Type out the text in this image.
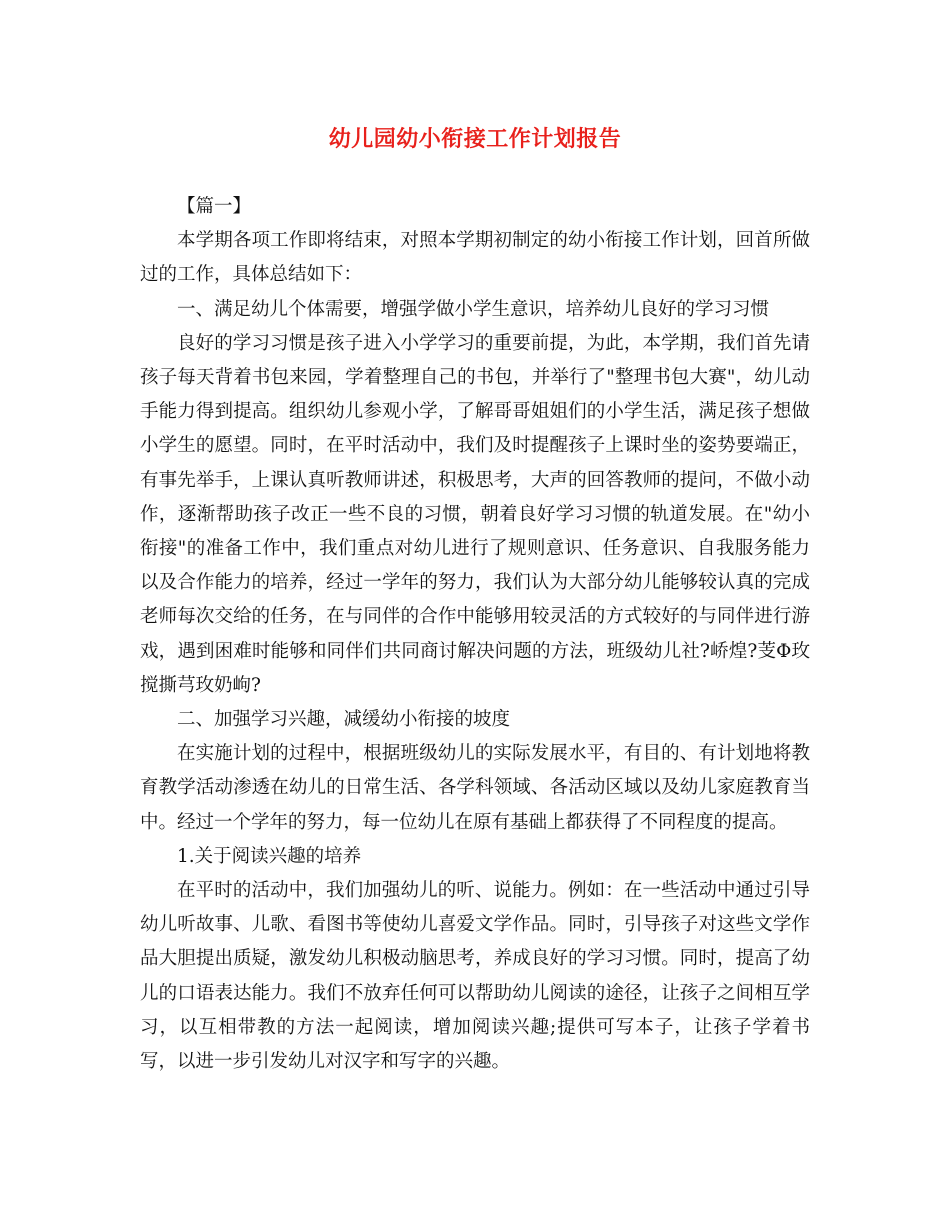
幼儿园幼小衔接工作计划报告

【篇一】

本学期各项工作即将结束，对照本学期初制定的幼小衔接工作计划，回首所做过的工作，具体总结如下：

一、满足幼儿个体需要，增强学做小学生意识，培养幼儿良好的学习习惯

良好的学习习惯是孩子进入小学学习的重要前提，为此，本学期，我们首先请孩子每天背着书包来园，学着整理自己的书包，并举行了"整理书包大赛"，幼儿动手能力得到提高。组织幼儿参观小学，了解哥哥姐姐们的小学生活，满足孩子想做小学生的愿望。同时，在平时活动中，我们及时提醒孩子上课时坐的姿势要端正，有事先举手，上课认真听教师讲述，积极思考，大声的回答教师的提问，不做小动作，逐渐帮助孩子改正一些不良的习惯，朝着良好学习习惯的轨道发展。在"幼小衔接"的准备工作中，我们重点对幼儿进行了规则意识、任务意识、自我服务能力以及合作能力的培养，经过一学年的努力，我们认为大部分幼儿能够较认真的完成老师每次交给的任务，在与同伴的合作中能够用较灵活的方式较好的与同伴进行游戏，遇到困难时能够和同伴们共同商讨解决问题的方法，班级幼儿社?峤煌?芰Φ玫搅撕芎玫奶岣?

二、加强学习兴趣，减缓幼小衔接的坡度

在实施计划的过程中，根据班级幼儿的实际发展水平，有目的、有计划地将教育教学活动渗透在幼儿的日常生活、各学科领域、各活动区域以及幼儿家庭教育当中。经过一个学年的努力，每一位幼儿在原有基础上都获得了不同程度的提高。

1.关于阅读兴趣的培养

在平时的活动中，我们加强幼儿的听、说能力。例如：在一些活动中通过引导幼儿听故事、儿歌、看图书等使幼儿喜爱文学作品。同时，引导孩子对这些文学作品大胆提出质疑，激发幼儿积极动脑思考，养成良好的学习习惯。同时，提高了幼儿的口语表达能力。我们不放弃任何可以帮助幼儿阅读的途径，让孩子之间相互学习，以互相带教的方法一起阅读，增加阅读兴趣;提供可写本子，让孩子学着书写，以进一步引发幼儿对汉字和写字的兴趣。
